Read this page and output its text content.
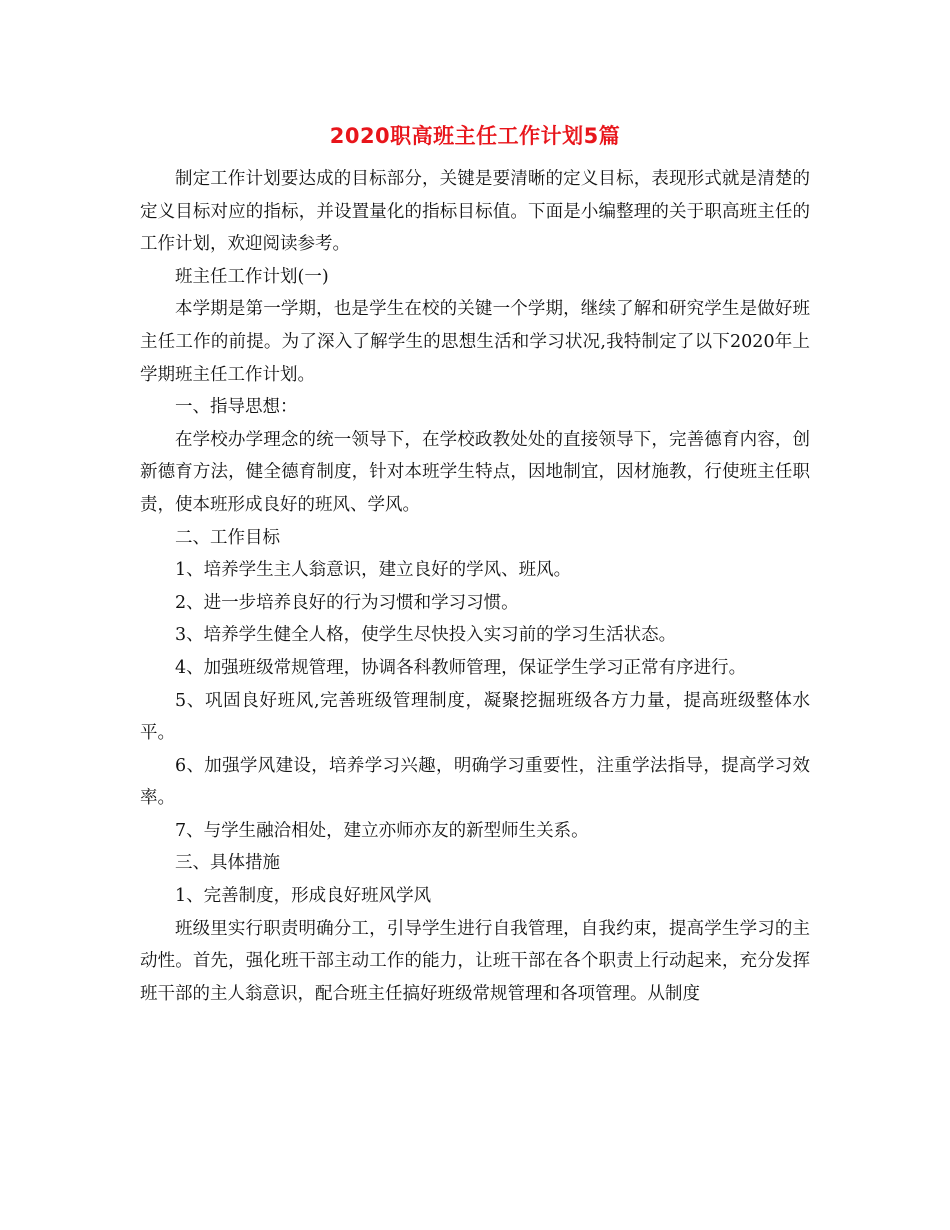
2020职高班主任工作计划5篇

制定工作计划要达成的目标部分，关键是要清晰的定义目标，表现形式就是清楚的定义目标对应的指标，并设置量化的指标目标值。下面是小编整理的关于职高班主任的工作计划，欢迎阅读参考。

班主任工作计划(一)

本学期是第一学期，也是学生在校的关键一个学期，继续了解和研究学生是做好班主任工作的前提。为了深入了解学生的思想生活和学习状况,我特制定了以下2020年上学期班主任工作计划。

一、指导思想：

在学校办学理念的统一领导下，在学校政教处处的直接领导下，完善德育内容，创新德育方法，健全德育制度，针对本班学生特点，因地制宜，因材施教，行使班主任职责，使本班形成良好的班风、学风。

二、工作目标

1、培养学生主人翁意识，建立良好的学风、班风。

2、进一步培养良好的行为习惯和学习习惯。

3、培养学生健全人格，使学生尽快投入实习前的学习生活状态。

4、加强班级常规管理，协调各科教师管理，保证学生学习正常有序进行。

5、巩固良好班风,完善班级管理制度，凝聚挖掘班级各方力量，提高班级整体水平。

6、加强学风建设，培养学习兴趣，明确学习重要性，注重学法指导，提高学习效率。

7、与学生融洽相处，建立亦师亦友的新型师生关系。

三、具体措施

1、完善制度，形成良好班风学风

班级里实行职责明确分工，引导学生进行自我管理，自我约束，提高学生学习的主动性。首先，强化班干部主动工作的能力，让班干部在各个职责上行动起来，充分发挥班干部的主人翁意识，配合班主任搞好班级常规管理和各项管理。从制度
